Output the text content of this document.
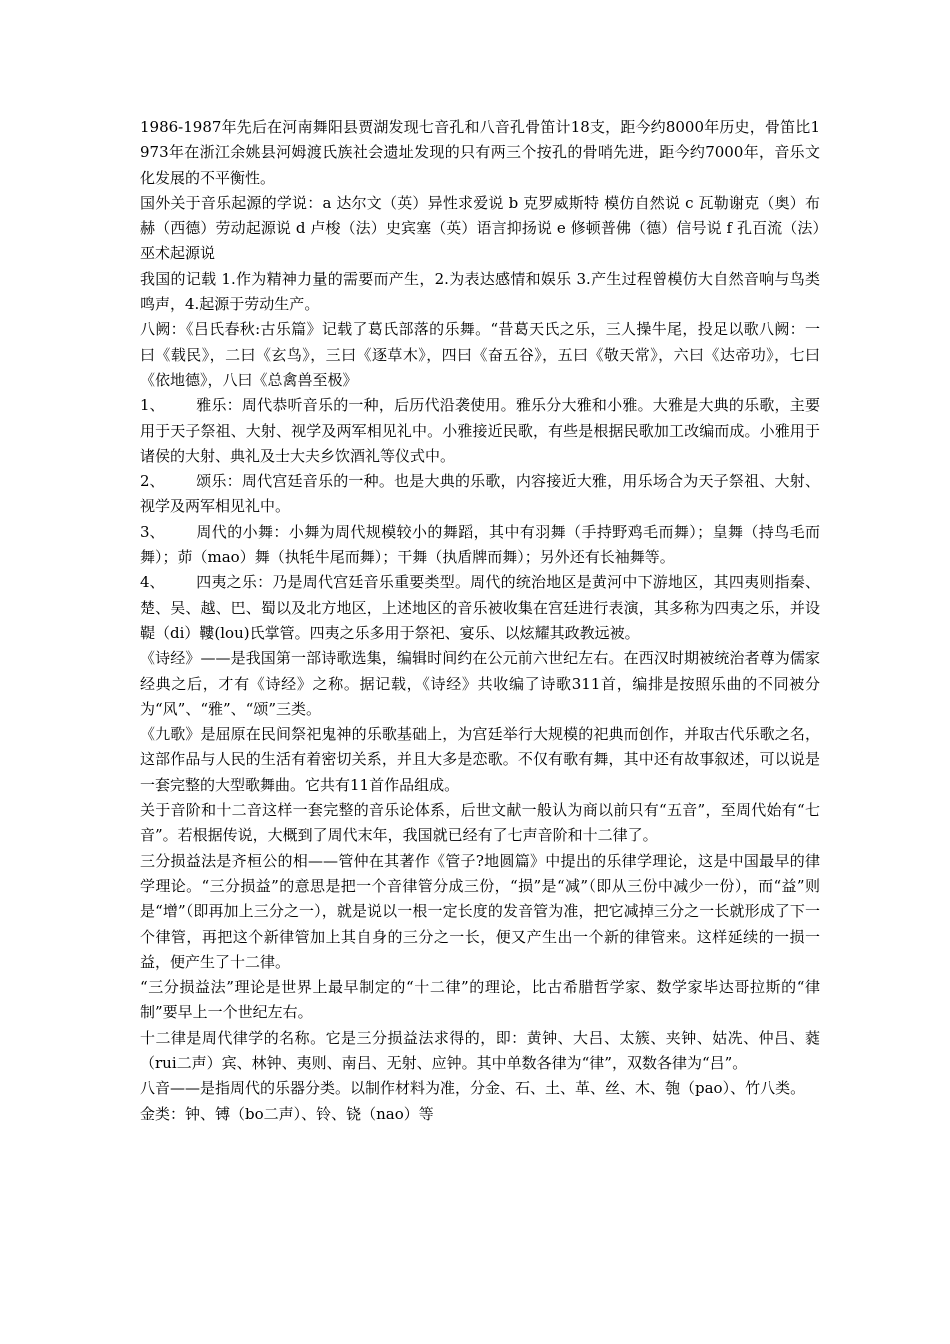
1986-1987年先后在河南舞阳县贾湖发现七音孔和八音孔骨笛计18支，距今约8000年历史，骨笛比1973年在浙江余姚县河姆渡氏族社会遗址发现的只有两三个按孔的骨哨先进，距今约7000年，音乐文化发展的不平衡性。

国外关于音乐起源的学说：a 达尔文（英）异性求爱说 b 克罗威斯特 模仿自然说 c 瓦勒谢克（奥）布赫（西德）劳动起源说 d 卢梭（法）史宾塞（英）语言抑扬说 e 修顿普佛（德）信号说 f 孔百流（法）巫术起源说

我国的记载 1.作为精神力量的需要而产生，2.为表达感情和娱乐 3.产生过程曾模仿大自然音响与鸟类鸣声，4.起源于劳动生产。

八阙：《吕氏春秋:古乐篇》记载了葛氏部落的乐舞。“昔葛天氏之乐，三人操牛尾，投足以歌八阙：一曰《载民》，二曰《玄鸟》，三曰《逐草木》，四曰《奋五谷》，五曰《敬天常》，六曰《达帝功》，七曰《依地德》，八曰《总禽兽至极》

1、 雅乐：周代恭听音乐的一种，后历代沿袭使用。雅乐分大雅和小雅。大雅是大典的乐歌，主要用于天子祭祖、大射、视学及两军相见礼中。小雅接近民歌，有些是根据民歌加工改编而成。小雅用于诸侯的大射、典礼及士大夫乡饮酒礼等仪式中。
2、 颂乐：周代宫廷音乐的一种。也是大典的乐歌，内容接近大雅，用乐场合为天子祭祖、大射、视学及两军相见礼中。
3、 周代的小舞：小舞为周代规模较小的舞蹈，其中有羽舞（手持野鸡毛而舞）；皇舞（持鸟毛而舞）；茆（mao）舞（执牦牛尾而舞）；干舞（执盾牌而舞）；另外还有长袖舞等。
4、 四夷之乐：乃是周代宫廷音乐重要类型。周代的统治地区是黄河中下游地区，其四夷则指秦、楚、吴、越、巴、蜀以及北方地区，上述地区的音乐被收集在宫廷进行表演，其多称为四夷之乐，并设鞮（di）鞻(lou)氏掌管。四夷之乐多用于祭祀、宴乐、以炫耀其政教远被。

《诗经》——是我国第一部诗歌选集，编辑时间约在公元前六世纪左右。在西汉时期被统治者尊为儒家经典之后，才有《诗经》之称。据记载，《诗经》共收编了诗歌311首，编排是按照乐曲的不同被分为“风”、“雅”、“颂”三类。

《九歌》是屈原在民间祭祀鬼神的乐歌基础上，为宫廷举行大规模的祀典而创作，并取古代乐歌之名，这部作品与人民的生活有着密切关系，并且大多是恋歌。不仅有歌有舞，其中还有故事叙述，可以说是一套完整的大型歌舞曲。它共有11首作品组成。

关于音阶和十二音这样一套完整的音乐论体系，后世文献一般认为商以前只有“五音”，至周代始有“七音”。若根据传说，大概到了周代末年，我国就已经有了七声音阶和十二律了。

三分损益法是齐桓公的相——管仲在其著作《管子?地圆篇》中提出的乐律学理论，这是中国最早的律学理论。“三分损益”的意思是把一个音律管分成三份，“损”是“减”（即从三份中减少一份），而“益”则是“增”（即再加上三分之一），就是说以一根一定长度的发音管为准，把它减掉三分之一长就形成了下一个律管，再把这个新律管加上其自身的三分之一长，便又产生出一个新的律管来。这样延续的一损一益，便产生了十二律。

“三分损益法”理论是世界上最早制定的“十二律”的理论，比古希腊哲学家、数学家毕达哥拉斯的“律制”要早上一个世纪左右。

十二律是周代律学的名称。它是三分损益法求得的，即：黄钟、大吕、太簇、夹钟、姑冼、仲吕、蕤（rui二声）宾、林钟、夷则、南吕、无射、应钟。其中单数各律为“律”，双数各律为“吕”。

八音——是指周代的乐器分类。以制作材料为准，分金、石、土、革、丝、木、匏（pao）、竹八类。

金类：钟、镈（bo二声）、铃、铙（nao）等
